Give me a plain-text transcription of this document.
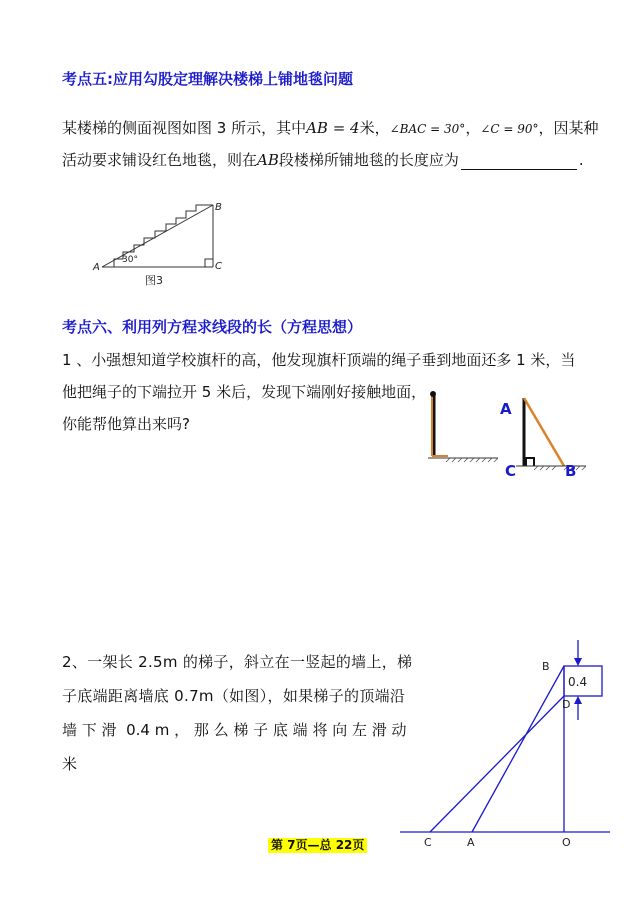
考点五:应用勾股定理解决楼梯上铺地毯问题
某楼梯的侧面视图如图 3 所示，其中AB = 4米，∠BAC = 30°，∠C = 90°，因某种
活动要求铺设红色地毯，则在AB段楼梯所铺地毯的长度应为	.
A
B
C
30°
图3
考点六、利用列方程求线段的长（方程思想）
1 、小强想知道学校旗杆的高，他发现旗杆顶端的绳子垂到地面还多 1 米，当
他把绳子的下端拉开 5 米后，发现下端刚好接触地面，
你能帮他算出来吗?
A
C	B
2、一架长 2.5m 的梯子，斜立在一竖起的墙上，梯
子底端距离墙底 0.7m（如图），如果梯子的顶端沿
墙 下 滑  0.4 m ， 那 么 梯 子 底 端 将 向 左 滑 动
米
0.4
B
D
C	A	O
第 7页—总 22页
